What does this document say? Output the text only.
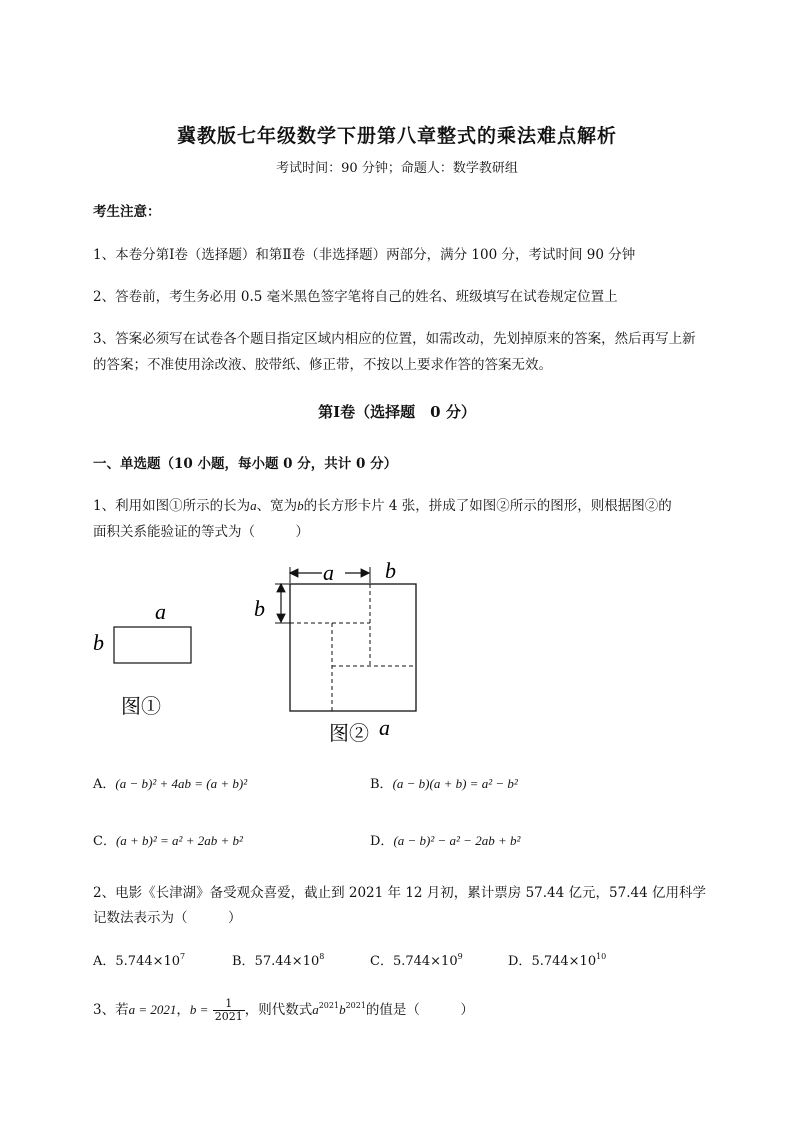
冀教版七年级数学下册第八章整式的乘法难点解析
考试时间：90 分钟；命题人：数学教研组
考生注意：
1、本卷分第Ⅰ卷（选择题）和第Ⅱ卷（非选择题）两部分，满分 100 分，考试时间 90 分钟
2、答卷前，考生务必用 0.5 毫米黑色签字笔将自己的姓名、班级填写在试卷规定位置上
3、答案必须写在试卷各个题目指定区域内相应的位置，如需改动，先划掉原来的答案，然后再写上新
的答案；不准使用涂改液、胶带纸、修正带，不按以上要求作答的答案无效。
第Ⅰ卷（选择题　0 分）
一、单选题（10 小题，每小题 0 分，共计 0 分）
1、利用如图①所示的长为a、宽为b的长方形卡片 4 张，拼成了如图②所示的图形，则根据图②的
面积关系能验证的等式为（　　　）
a
b
图①
a b
b
图② a
A．(a − b)² + 4ab = (a + b)²	B．(a − b)(a + b) = a² − b²
C．(a + b)² = a² + 2ab + b²	D．(a − b)² − a² − 2ab + b²
2、电影《长津湖》备受观众喜爱，截止到 2021 年 12 月初，累计票房 57.44 亿元，57.44 亿用科学
记数法表示为（　　　）
A．$5.744\times 10^7$	B．$57.44\times 10^8$	C．$5.744\times 10^9$	D．$5.744\times 10^{10}$
3、若a = 2021，$b = \frac{1}{2021}$ ，则代数式$a^{2021}b^{2021}$的值是（　　　）
